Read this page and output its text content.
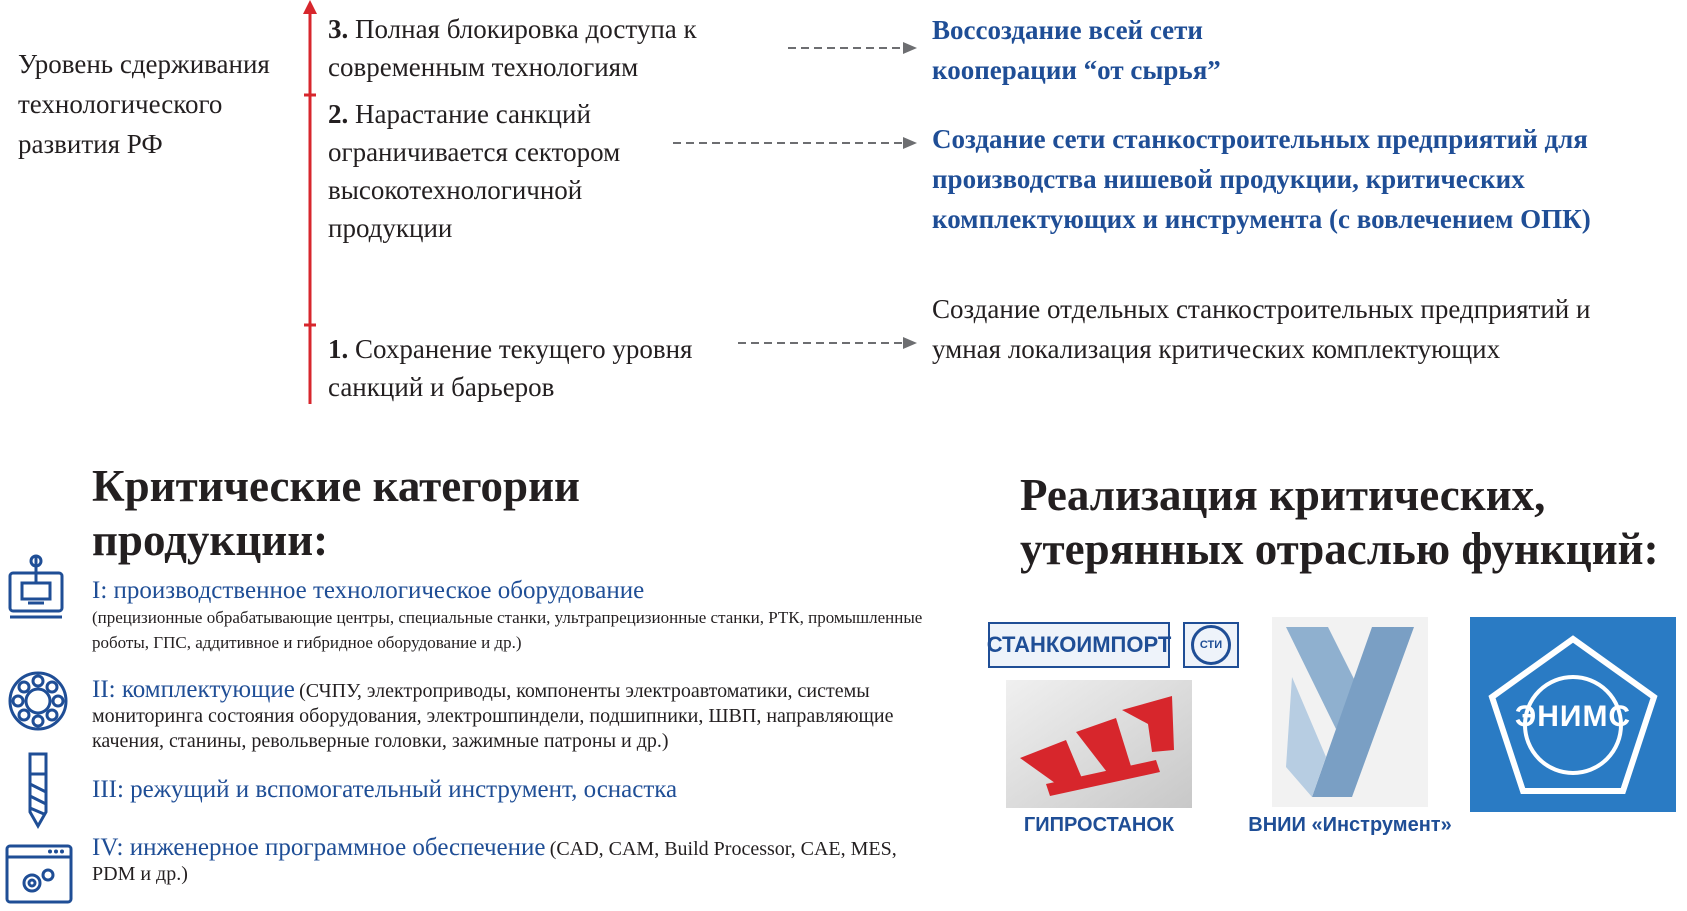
Уровень сдерживания технологического развития РФ
3. Полная блокировка доступа к современным технологиям
2. Нарастание санкций ограничивается сектором высокотехнологичной продукции
1. Сохранение текущего уровня санкций и барьеров
Воссоздание всей сети кооперации “от сырья”
Создание сети станкостроительных предприятий для производства нишевой продукции, критических комплектующих и инструмента (с вовлечением ОПК)
Создание отдельных станкостроительных предприятий и умная локализация критических комплектующих
Критические категории продукции:
I: производственное технологическое оборудование
(прецизионные обрабатывающие центры, специальные станки, ультрапрецизионные станки, РТК, промышленные роботы, ГПС, аддитивное и гибридное оборудование и др.)
II: комплектующие (СЧПУ, электроприводы, компоненты электроавтоматики, системы мониторинга состояния оборудования, электрошпиндели, подшипники, ШВП, направляющие качения, станины, револьверные головки, зажимные патроны и др.)
III: режущий и вспомогательный инструмент, оснастка
IV: инженерное программное обеспечение (CAD, CAM, Build Processor, CAE, MES, PDM и др.)
Реализация критических, утерянных отраслью функций:
СТАНКОИМПОРТ	СТИ
ГИПРОСТАНОК	ВНИИ «Инструмент»
ЭНИМС
